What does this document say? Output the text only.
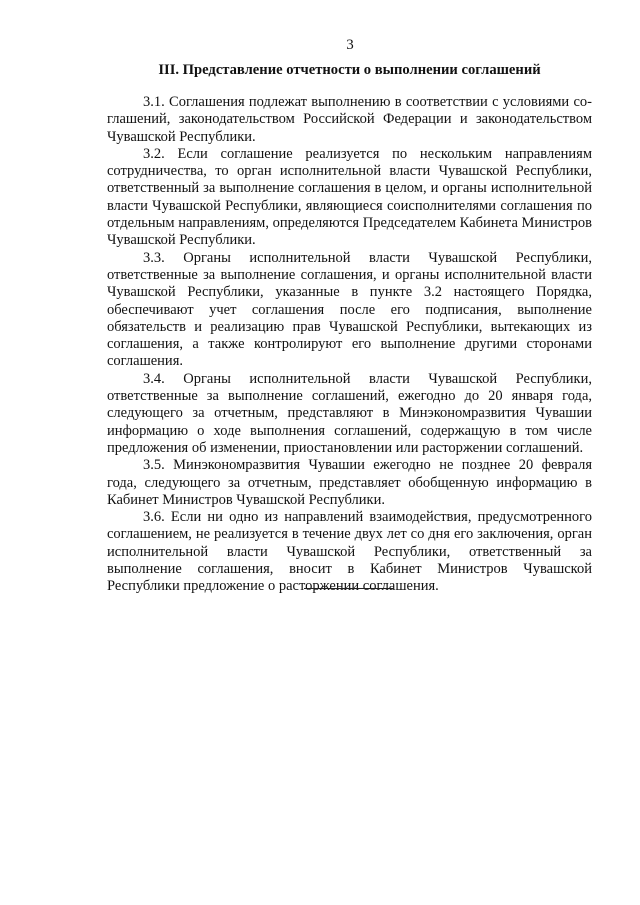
3
III. Представление отчетности о выполнении соглашений

3.1. Соглашения подлежат выполнению в соответствии с условиями соглашений, законодательством Российской Федерации и законодательством Чувашской Республики.

3.2. Если соглашение реализуется по нескольким направлениям сотрудничества, то орган исполнительной власти Чувашской Республики, ответственный за выполнение соглашения в целом, и органы исполнительной власти Чувашской Республики, являющиеся соисполнителями соглашения по отдельным направлениям, определяются Председателем Кабинета Министров Чувашской Республики.

3.3. Органы исполнительной власти Чувашской Республики, ответственные за выполнение соглашения, и органы исполнительной власти Чувашской Республики, указанные в пункте 3.2 настоящего Порядка, обеспечивают учет соглашения после его подписания, выполнение обязательств и реализацию прав Чувашской Республики, вытекающих из соглашения, а также контролируют его выполнение другими сторонами соглашения.

3.4. Органы исполнительной власти Чувашской Республики, ответственные за выполнение соглашений, ежегодно до 20 января года, следующего за отчетным, представляют в Минэкономразвития Чувашии информацию о ходе выполнения соглашений, содержащую в том числе предложения об изменении, приостановлении или расторжении соглашений.

3.5. Минэкономразвития Чувашии ежегодно не позднее 20 февраля года, следующего за отчетным, представляет обобщенную информацию в Кабинет Министров Чувашской Республики.

3.6. Если ни одно из направлений взаимодействия, предусмотренного соглашением, не реализуется в течение двух лет со дня его заключения, орган исполнительной власти Чувашской Республики, ответственный за выполнение соглашения, вносит в Кабинет Министров Чувашской Республики предложение о расторжении соглашения.
